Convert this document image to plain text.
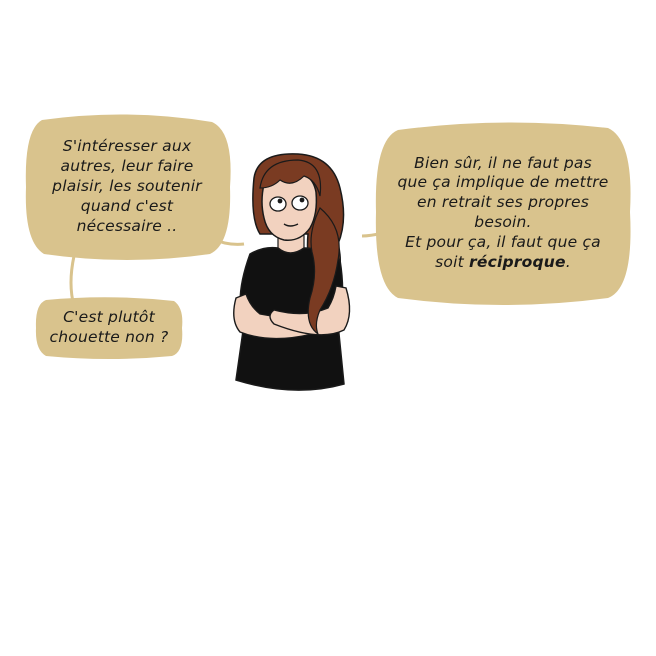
S'intéresser aux
autres, leur faire
plaisir, les soutenir
quand c'est
nécessaire ..
C'est plutôt
chouette non ?
Bien sûr, il ne faut pas
que ça implique de mettre
en retrait ses propres
besoin.
Et pour ça, il faut que ça
soit réciproque.
